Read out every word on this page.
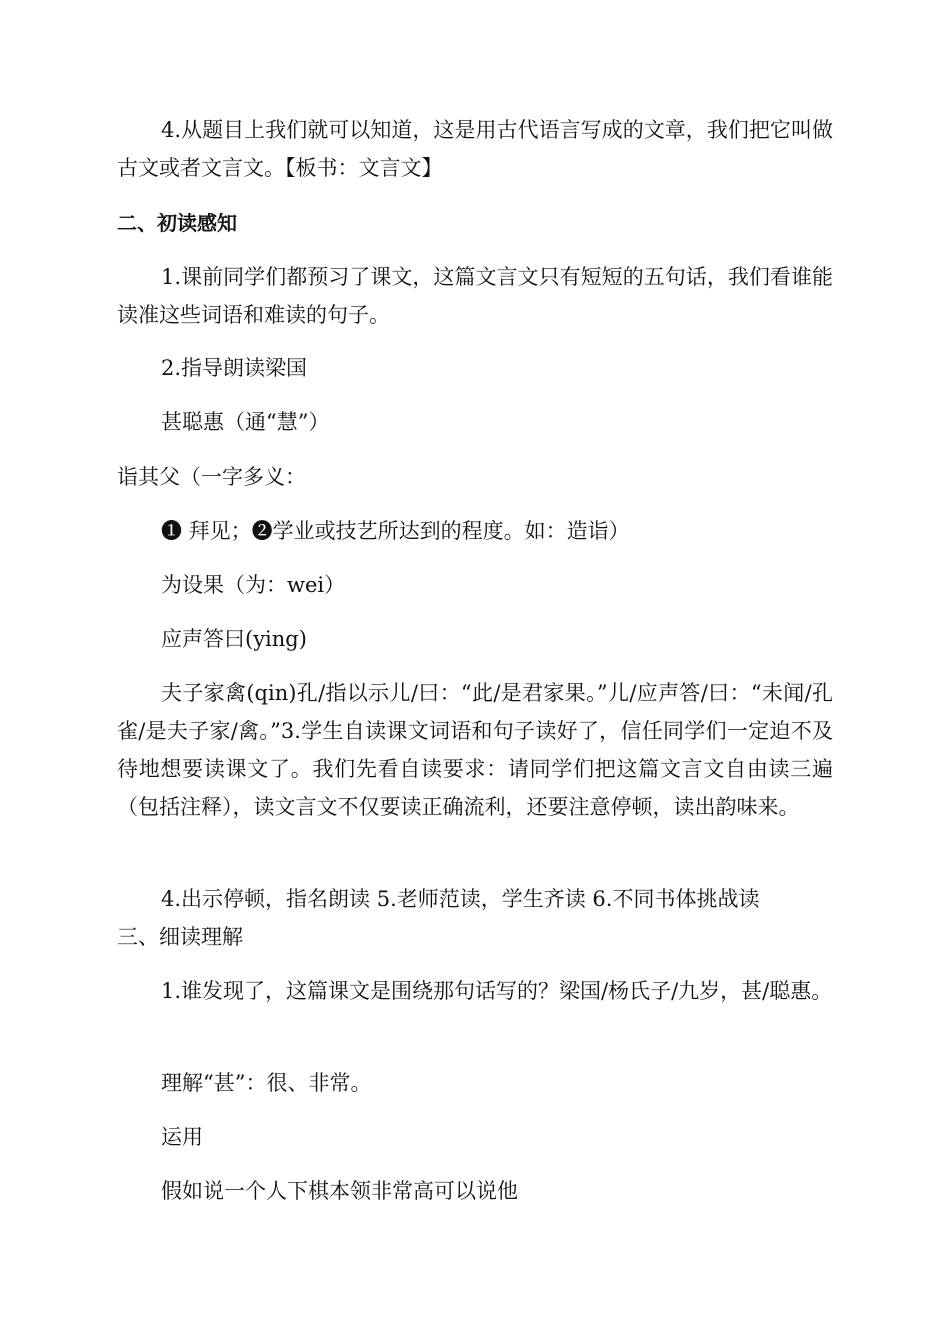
4.从题目上我们就可以知道，这是用古代语言写成的文章，我们把它叫做古文或者文言文。【板书：文言文】
二、初读感知
1.课前同学们都预习了课文，这篇文言文只有短短的五句话，我们看谁能读准这些词语和难读的句子。
2.指导朗读梁国
甚聪惠（通“慧”）
诣其父（一字多义：
❶ 拜见；❷学业或技艺所达到的程度。如：造诣）
为设果（为：wei）
应声答曰(ying)
夫子家禽(qin)孔/指以示儿/曰：“此/是君家果。”儿/应声答/曰：“未闻/孔雀/是夫子家/禽。”3.学生自读课文词语和句子读好了，信任同学们一定迫不及待地想要读课文了。我们先看自读要求：请同学们把这篇文言文自由读三遍（包括注释），读文言文不仅要读正确流利，还要注意停顿，读出韵味来。
4.出示停顿，指名朗读 5.老师范读，学生齐读 6.不同书体挑战读
三、细读理解
1.谁发现了，这篇课文是围绕那句话写的？梁国/杨氏子/九岁，甚/聪惠。
理解“甚”：很、非常。
运用
假如说一个人下棋本领非常高可以说他
